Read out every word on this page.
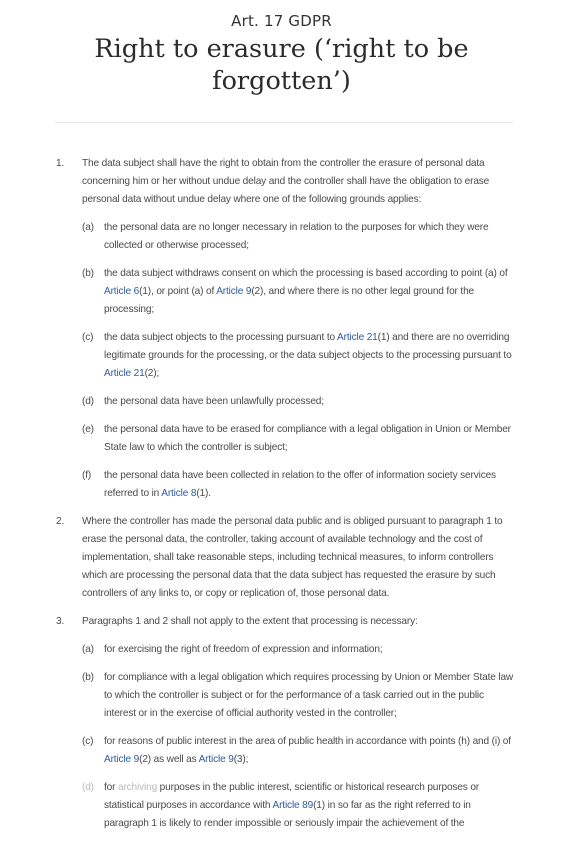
Art. 17 GDPR
Right to erasure (‘right to be forgotten’)
1. The data subject shall have the right to obtain from the controller the erasure of personal data concerning him or her without undue delay and the controller shall have the obligation to erase personal data without undue delay where one of the following grounds applies:
(a) the personal data are no longer necessary in relation to the purposes for which they were collected or otherwise processed;
(b) the data subject withdraws consent on which the processing is based according to point (a) of Article 6(1), or point (a) of Article 9(2), and where there is no other legal ground for the processing;
(c) the data subject objects to the processing pursuant to Article 21(1) and there are no overriding legitimate grounds for the processing, or the data subject objects to the processing pursuant to Article 21(2);
(d) the personal data have been unlawfully processed;
(e) the personal data have to be erased for compliance with a legal obligation in Union or Member State law to which the controller is subject;
(f) the personal data have been collected in relation to the offer of information society services referred to in Article 8(1).
2. Where the controller has made the personal data public and is obliged pursuant to paragraph 1 to erase the personal data, the controller, taking account of available technology and the cost of implementation, shall take reasonable steps, including technical measures, to inform controllers which are processing the personal data that the data subject has requested the erasure by such controllers of any links to, or copy or replication of, those personal data.
3. Paragraphs 1 and 2 shall not apply to the extent that processing is necessary:
(a) for exercising the right of freedom of expression and information;
(b) for compliance with a legal obligation which requires processing by Union or Member State law to which the controller is subject or for the performance of a task carried out in the public interest or in the exercise of official authority vested in the controller;
(c) for reasons of public interest in the area of public health in accordance with points (h) and (i) of Article 9(2) as well as Article 9(3);
(d) for archiving purposes in the public interest, scientific or historical research purposes or statistical purposes in accordance with Article 89(1) in so far as the right referred to in paragraph 1 is likely to render impossible or seriously impair the achievement of the
